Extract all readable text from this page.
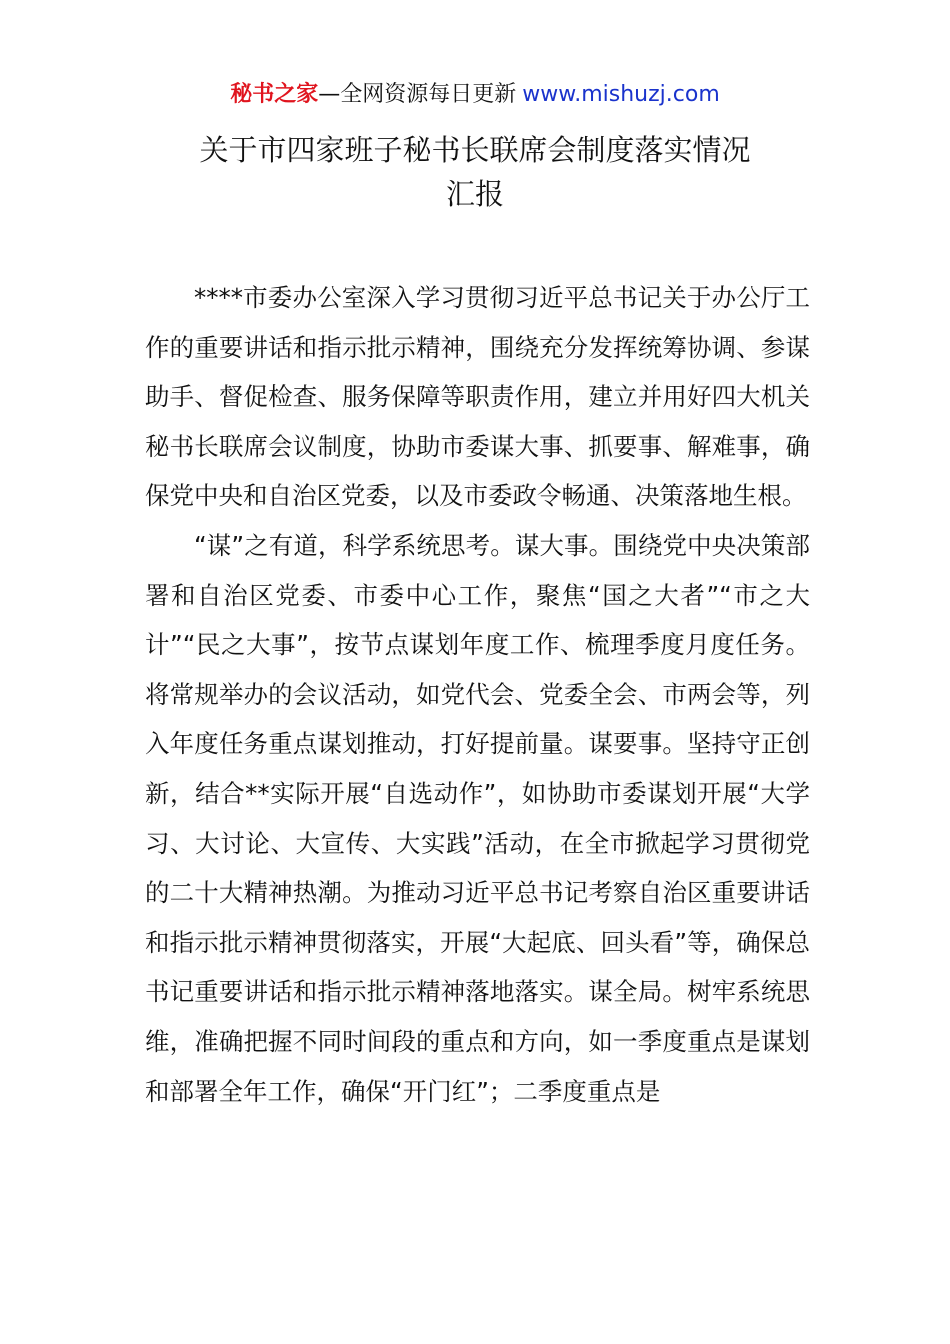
秘书之家—全网资源每日更新 www.mishuzj.com
关于市四家班子秘书长联席会制度落实情况
汇报

****市委办公室深入学习贯彻习近平总书记关于办公厅工作的重要讲话和指示批示精神，围绕充分发挥统筹协调、参谋助手、督促检查、服务保障等职责作用，建立并用好四大机关秘书长联席会议制度，协助市委谋大事、抓要事、解难事，确保党中央和自治区党委，以及市委政令畅通、决策落地生根。

“谋”之有道，科学系统思考。谋大事。围绕党中央决策部署和自治区党委、市委中心工作，聚焦“国之大者”“市之大计”“民之大事”，按节点谋划年度工作、梳理季度月度任务。将常规举办的会议活动，如党代会、党委全会、市两会等，列入年度任务重点谋划推动，打好提前量。谋要事。坚持守正创新，结合**实际开展“自选动作”，如协助市委谋划开展“大学习、大讨论、大宣传、大实践”活动，在全市掀起学习贯彻党的二十大精神热潮。为推动习近平总书记考察自治区重要讲话和指示批示精神贯彻落实，开展“大起底、回头看”等，确保总书记重要讲话和指示批示精神落地落实。谋全局。树牢系统思维，准确把握不同时间段的重点和方向，如一季度重点是谋划和部署全年工作，确保“开门红”；二季度重点是
